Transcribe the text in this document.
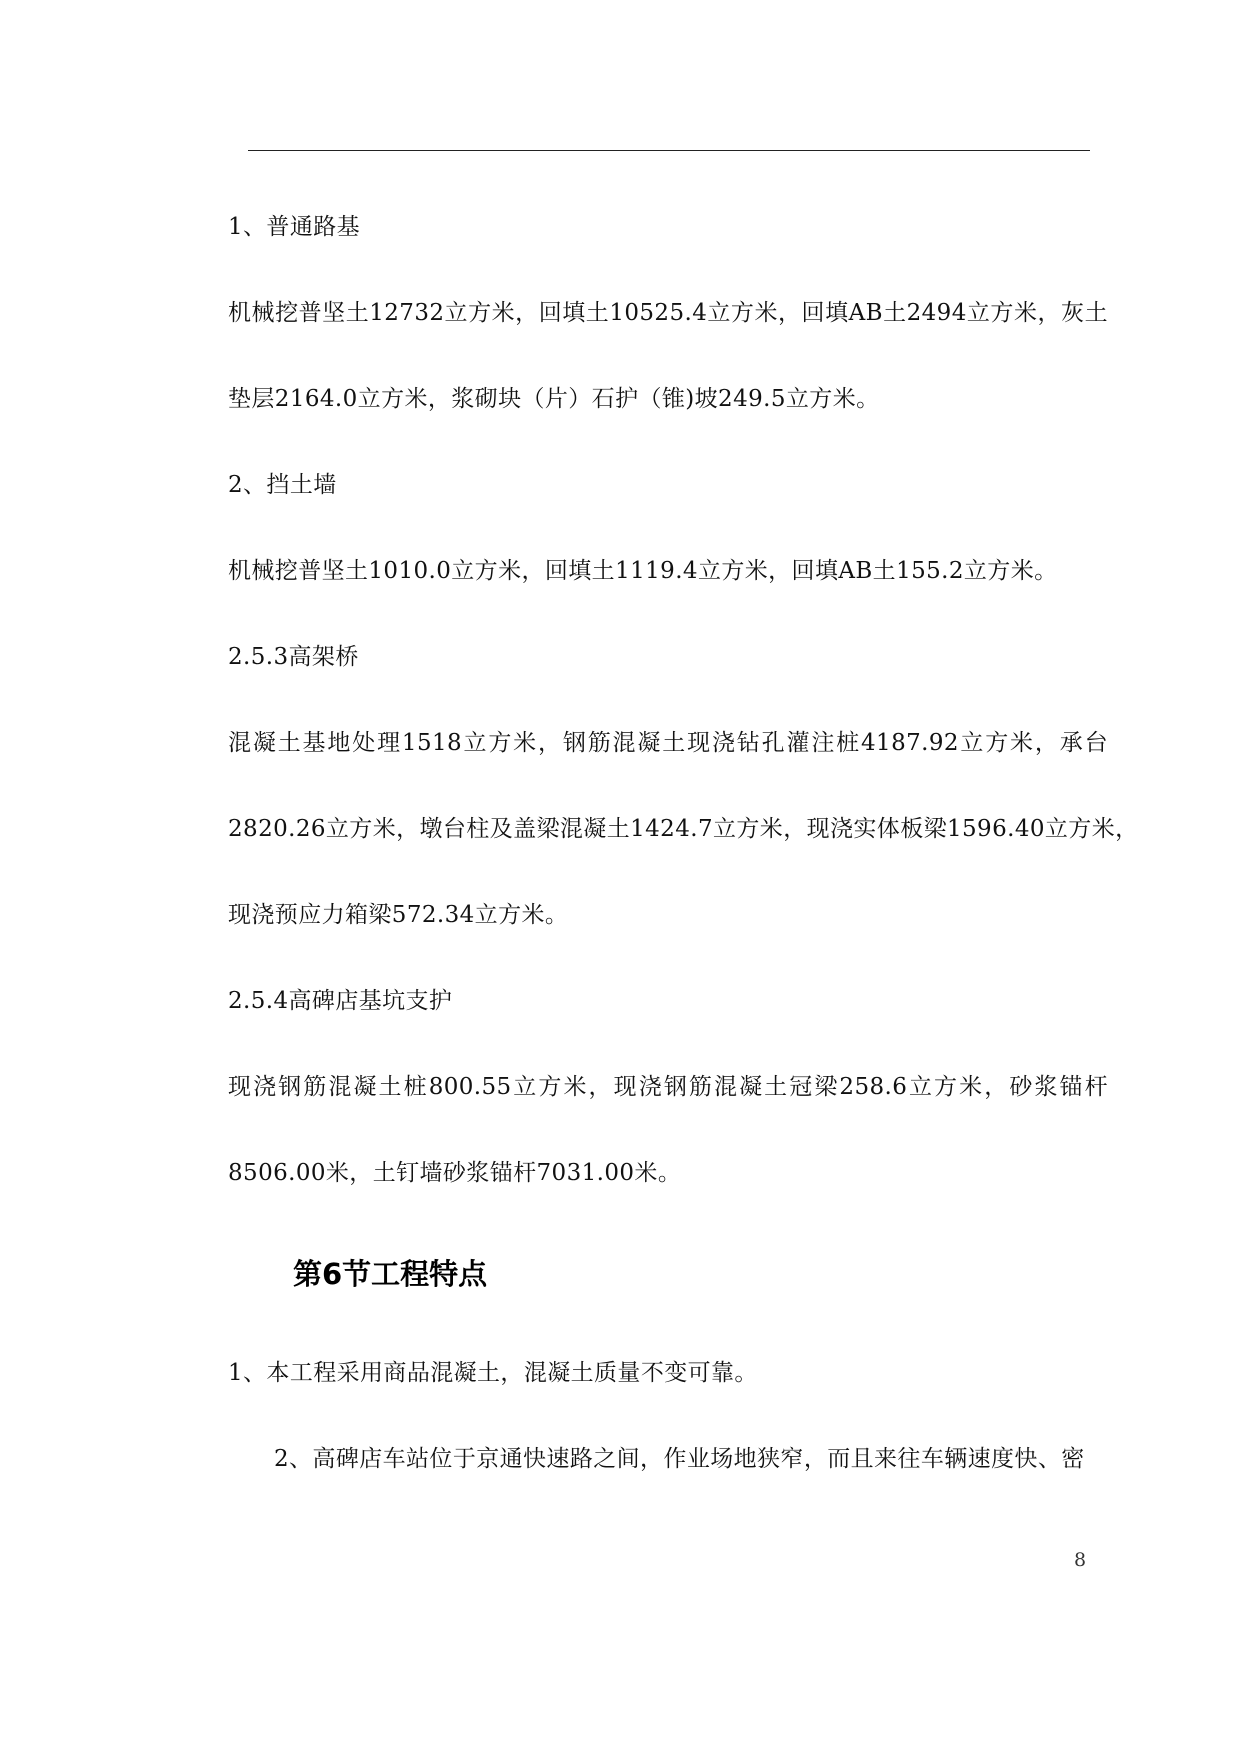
1、普通路基
机械挖普坚土12732立方米，回填土10525.4立方米，回填AB土2494立方米，灰土
垫层2164.0立方米，浆砌块（片）石护（锥)坡249.5立方米。
2、挡土墙
机械挖普坚土1010.0立方米，回填土1119.4立方米，回填AB土155.2立方米。
2.5.3高架桥
混凝土基地处理1518立方米，钢筋混凝土现浇钻孔灌注桩4187.92立方米，承台
2820.26立方米，墩台柱及盖梁混凝土1424.7立方米，现浇实体板梁1596.40立方米，
现浇预应力箱梁572.34立方米。
2.5.4高碑店基坑支护
现浇钢筋混凝土桩800.55立方米，现浇钢筋混凝土冠梁258.6立方米，砂浆锚杆
8506.00米，土钉墙砂浆锚杆7031.00米。
第6节工程特点
1、本工程采用商品混凝土，混凝土质量不变可靠。
2、高碑店车站位于京通快速路之间，作业场地狭窄，而且来往车辆速度快、密
8
